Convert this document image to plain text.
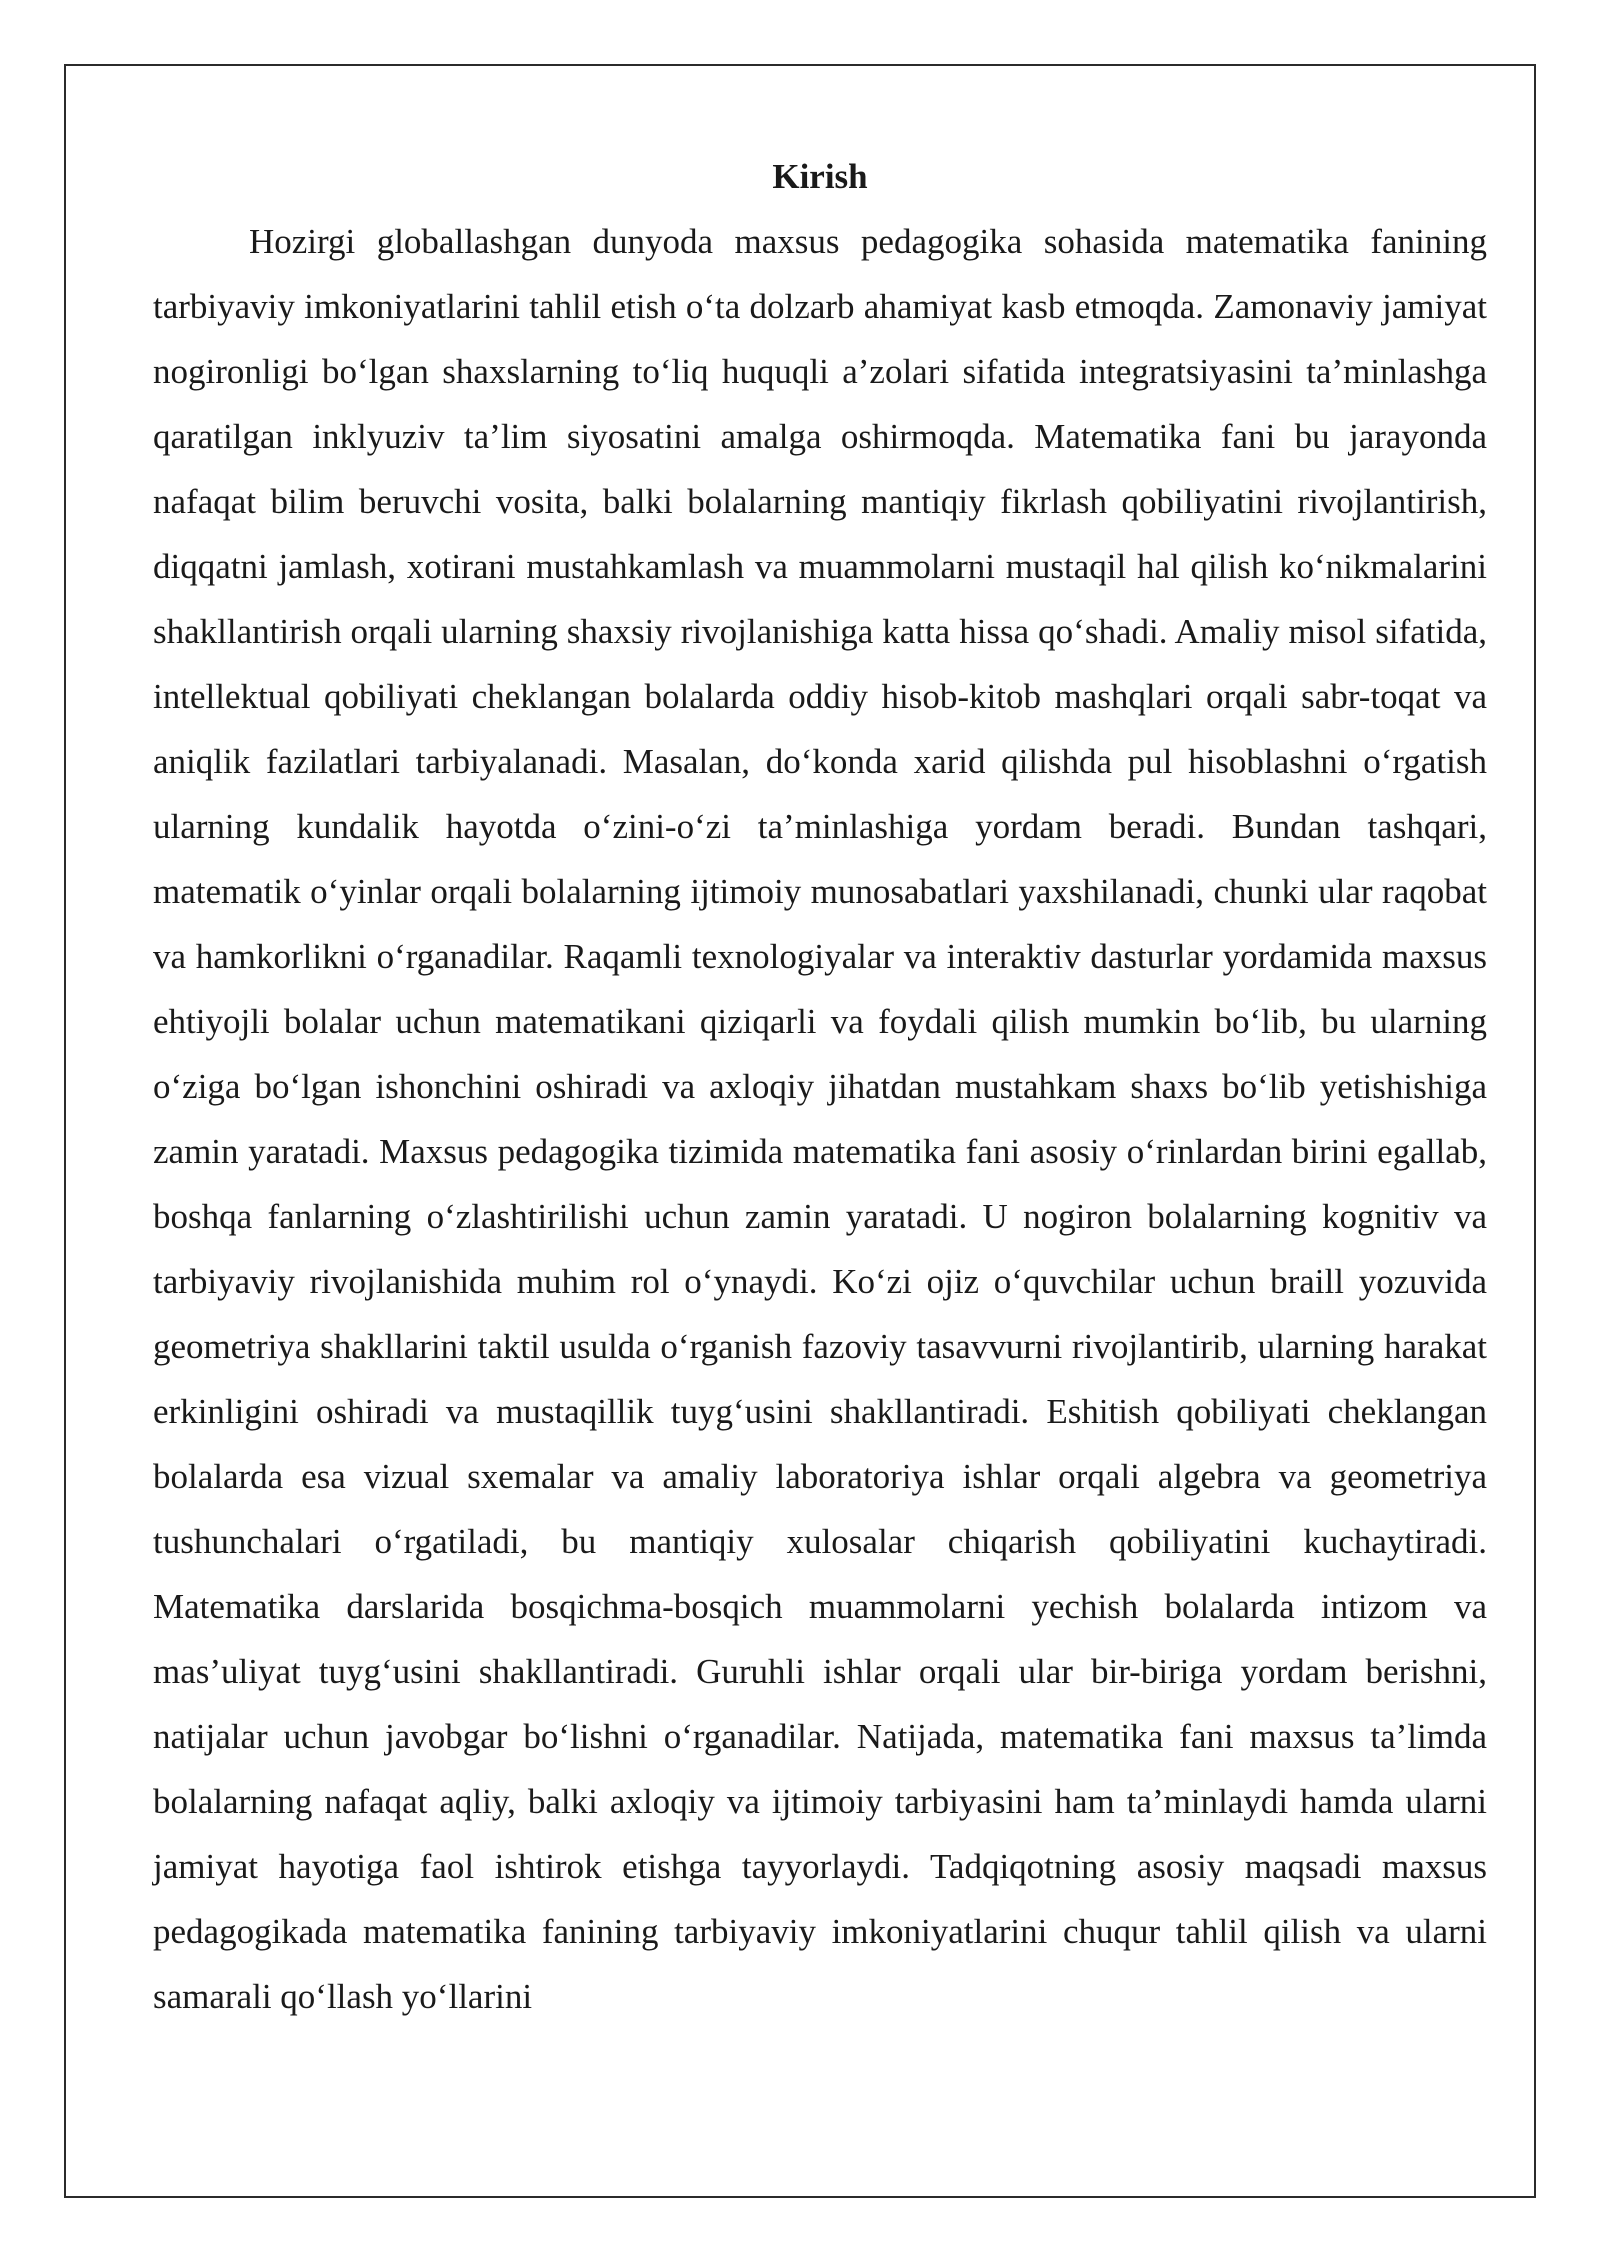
Kirish

Hozirgi globallashgan dunyoda maxsus pedagogika sohasida matematika fanining tarbiyaviy imkoniyatlarini tahlil etish o‘ta dolzarb ahamiyat kasb etmoqda. Zamonaviy jamiyat nogironligi bo‘lgan shaxslarning to‘liq huquqli a’zolari sifatida integratsiyasini ta’minlashga qaratilgan inklyuziv ta’lim siyosatini amalga oshirmoqda. Matematika fani bu jarayonda nafaqat bilim beruvchi vosita, balki bolalarning mantiqiy fikrlash qobiliyatini rivojlantirish, diqqatni jamlash, xotirani mustahkamlash va muammolarni mustaqil hal qilish ko‘nikmalarini shakllantirish orqali ularning shaxsiy rivojlanishiga katta hissa qo‘shadi. Amaliy misol sifatida, intellektual qobiliyati cheklangan bolalarda oddiy hisob-kitob mashqlari orqali sabr-toqat va aniqlik fazilatlari tarbiyalanadi. Masalan, do‘konda xarid qilishda pul hisoblashni o‘rgatish ularning kundalik hayotda o‘zini-o‘zi ta’minlashiga yordam beradi. Bundan tashqari, matematik o‘yinlar orqali bolalarning ijtimoiy munosabatlari yaxshilanadi, chunki ular raqobat va hamkorlikni o‘rganadilar. Raqamli texnologiyalar va interaktiv dasturlar yordamida maxsus ehtiyojli bolalar uchun matematikani qiziqarli va foydali qilish mumkin bo‘lib, bu ularning o‘ziga bo‘lgan ishonchini oshiradi va axloqiy jihatdan mustahkam shaxs bo‘lib yetishishiga zamin yaratadi. Maxsus pedagogika tizimida matematika fani asosiy o‘rinlardan birini egallab, boshqa fanlarning o‘zlashtirilishi uchun zamin yaratadi. U nogiron bolalarning kognitiv va tarbiyaviy rivojlanishida muhim rol o‘ynaydi. Ko‘zi ojiz o‘quvchilar uchun braill yozuvida geometriya shakllarini taktil usulda o‘rganish fazoviy tasavvurni rivojlantirib, ularning harakat erkinligini oshiradi va mustaqillik tuyg‘usini shakllantiradi. Eshitish qobiliyati cheklangan bolalarda esa vizual sxemalar va amaliy laboratoriya ishlar orqali algebra va geometriya tushunchalari o‘rgatiladi, bu mantiqiy xulosalar chiqarish qobiliyatini kuchaytiradi. Matematika darslarida bosqichma-bosqich muammolarni yechish bolalarda intizom va mas’uliyat tuyg‘usini shakllantiradi. Guruhli ishlar orqali ular bir-biriga yordam berishni, natijalar uchun javobgar bo‘lishni o‘rganadilar. Natijada, matematika fani maxsus ta’limda bolalarning nafaqat aqliy, balki axloqiy va ijtimoiy tarbiyasini ham ta’minlaydi hamda ularni jamiyat hayotiga faol ishtirok etishga tayyorlaydi. Tadqiqotning asosiy maqsadi maxsus pedagogikada matematika fanining tarbiyaviy imkoniyatlarini chuqur tahlil qilish va ularni samarali qo‘llash yo‘llarini
